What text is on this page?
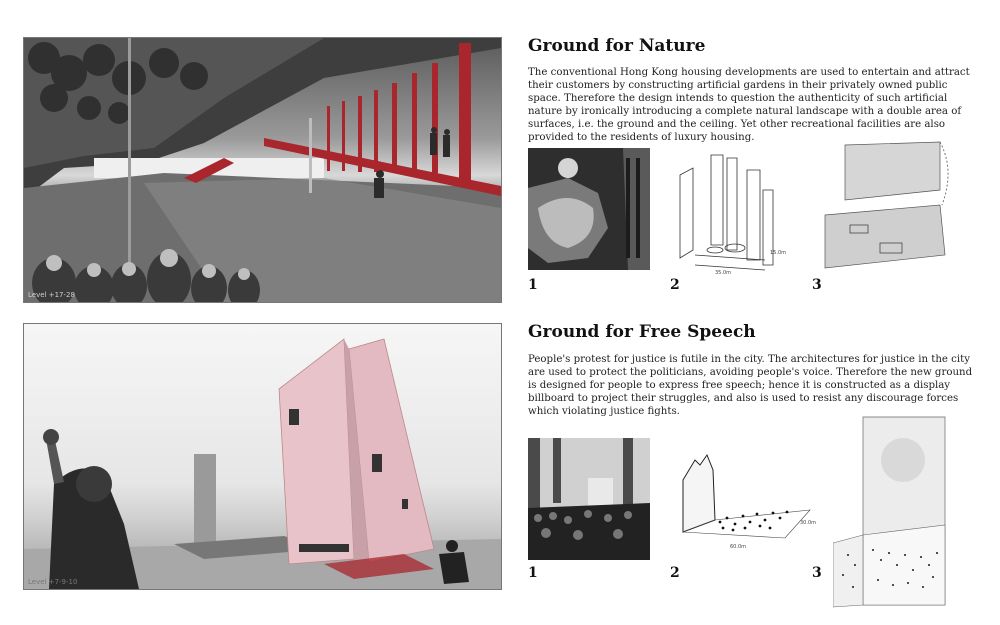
Level +17-28
Ground for Nature

The conventional Hong Kong housing developments are used to entertain and attract their customers by constructing artificial gardens in their privately owned public space. Therefore the design intends to question the authenticity of such artificial nature by ironically introducing a complete natural landscape with a double area of surfaces, i.e. the ground and the ceiling. Yet other recreational facilities are also provided to the residents of luxury housing.

1
15.0m
35.0m
2	3
Level +7-9-10
Ground for Free Speech

People's protest for justice is futile in the city. The architectures for justice in the city are used to protect the politicians, avoiding people's voice. Therefore the new ground is designed for people to express free speech; hence it is constructed as a display billboard to project their struggles, and also is used to resist any discourage forces which violating justice fights.

1
30.0m
60.0m
2	3
